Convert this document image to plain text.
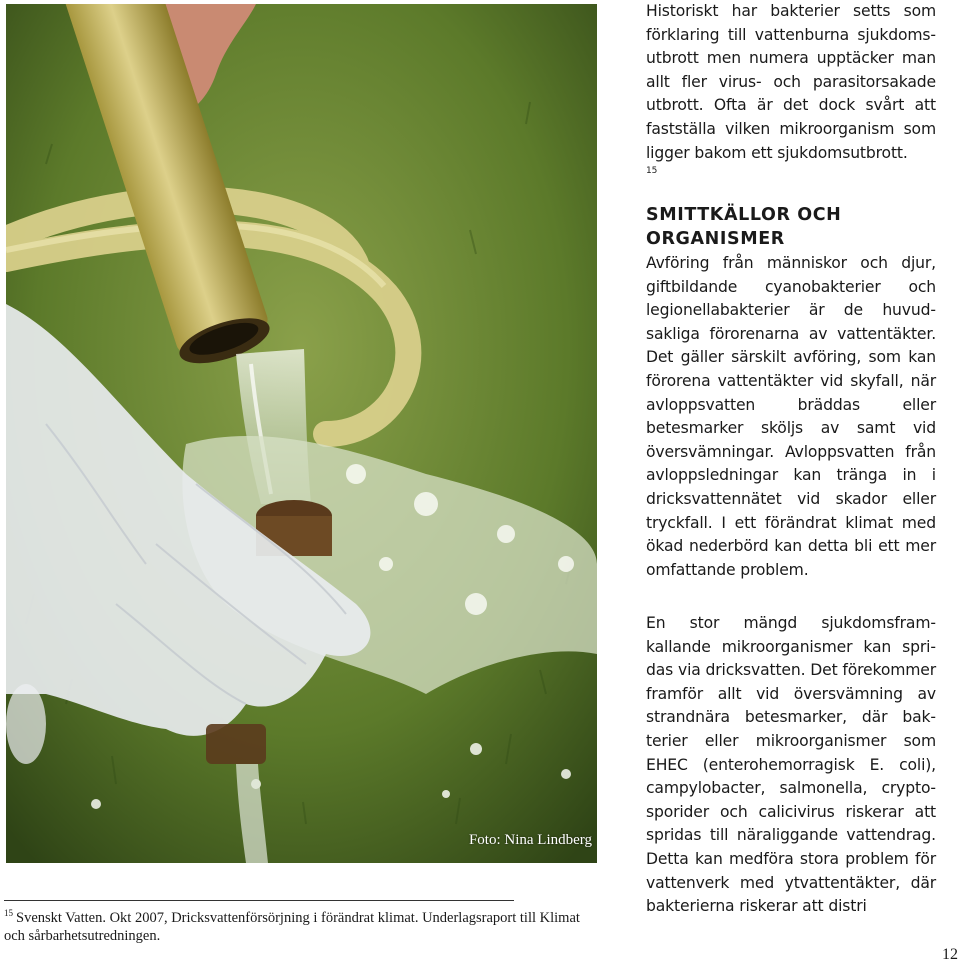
Foto: Nina Lindberg

Historiskt har bakterier setts som förklaring till vattenburna sjukdomsutbrott men numera upptäcker man allt fler virus- och parasitorsakade utbrott. Ofta är det dock svårt att fastställa vilken mikroorganism som ligger bakom ett sjukdomsutbrott.

15
SMITTKÄLLOR OCH ORGANISMER

Avföring från människor och djur, giftbildande cyanobakterier och legionellabakterier är de huvudsakliga förorenarna av vattentäkter. Det gäller särskilt avföring, som kan förorena vattentäkter vid skyfall, när avloppsvatten bräddas eller betesmarker sköljs av samt vid översvämningar. Avloppsvatten från avloppsledningar kan tränga in i dricksvattennätet vid skador eller tryckfall. I ett förändrat klimat med ökad nederbörd kan detta bli ett mer omfattande problem.

En stor mängd sjukdomsframkallande mikroorganismer kan spridas via dricksvatten. Det förekommer framför allt vid översvämning av strandnära betesmarker, där bakterier eller mikroorganismer som EHEC (enterohemorragisk E. coli), campylobacter, salmonella, cryptosporider och calicivirus riskerar att spridas till näraliggande vattendrag. Detta kan medföra stora problem för vattenverk med ytvattentäkter, där bakterierna riskerar att distri

$^{15}$ Svenskt Vatten. Okt 2007, Dricksvattenförsörjning i förändrat klimat. Underlagsraport till Klimat och sårbarhetsutredningen.
12
